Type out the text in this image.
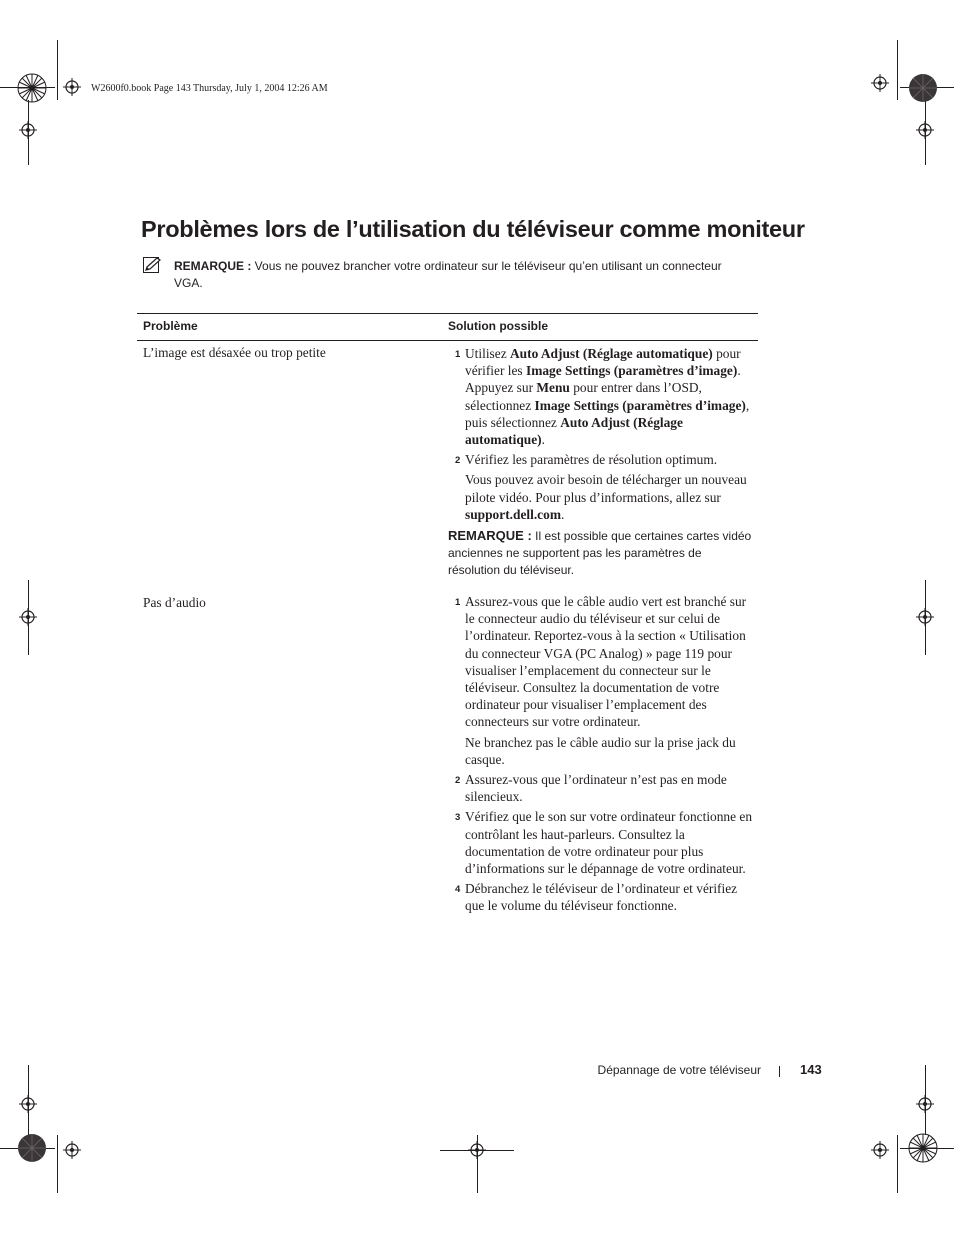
W2600f0.book Page 143 Thursday, July 1, 2004 12:26 AM
Problèmes lors de l’utilisation du téléviseur comme moniteur
REMARQUE : Vous ne pouvez brancher votre ordinateur sur le téléviseur qu’en utilisant un connecteur VGA.
Problème	Solution possible
L’image est désaxée ou trop petite	1 Utilisez Auto Adjust (Réglage automatique) pour vérifier les Image Settings (paramètres d’image). Appuyez sur Menu pour entrer dans l’OSD, sélectionnez Image Settings (paramètres d’image), puis sélectionnez Auto Adjust (Réglage automatique).
2 Vérifiez les paramètres de résolution optimum.
Vous pouvez avoir besoin de télécharger un nouveau pilote vidéo. Pour plus d’informations, allez sur support.dell.com.
REMARQUE : Il est possible que certaines cartes vidéo anciennes ne supportent pas les paramètres de résolution du téléviseur.
Pas d’audio	1 Assurez-vous que le câble audio vert est branché sur le connecteur audio du téléviseur et sur celui de l’ordinateur. Reportez-vous à la section « Utilisation du connecteur VGA (PC Analog) » page 119 pour visualiser l’emplacement du connecteur sur le téléviseur. Consultez la documentation de votre ordinateur pour visualiser l’emplacement des connecteurs sur votre ordinateur.
Ne branchez pas le câble audio sur la prise jack du casque.
2 Assurez-vous que l’ordinateur n’est pas en mode silencieux.
3 Vérifiez que le son sur votre ordinateur fonctionne en contrôlant les haut-parleurs. Consultez la documentation de votre ordinateur pour plus d’informations sur le dépannage de votre ordinateur.
4 Débranchez le téléviseur de l’ordinateur et vérifiez que le volume du téléviseur fonctionne.
Dépannage de votre téléviseur	143
